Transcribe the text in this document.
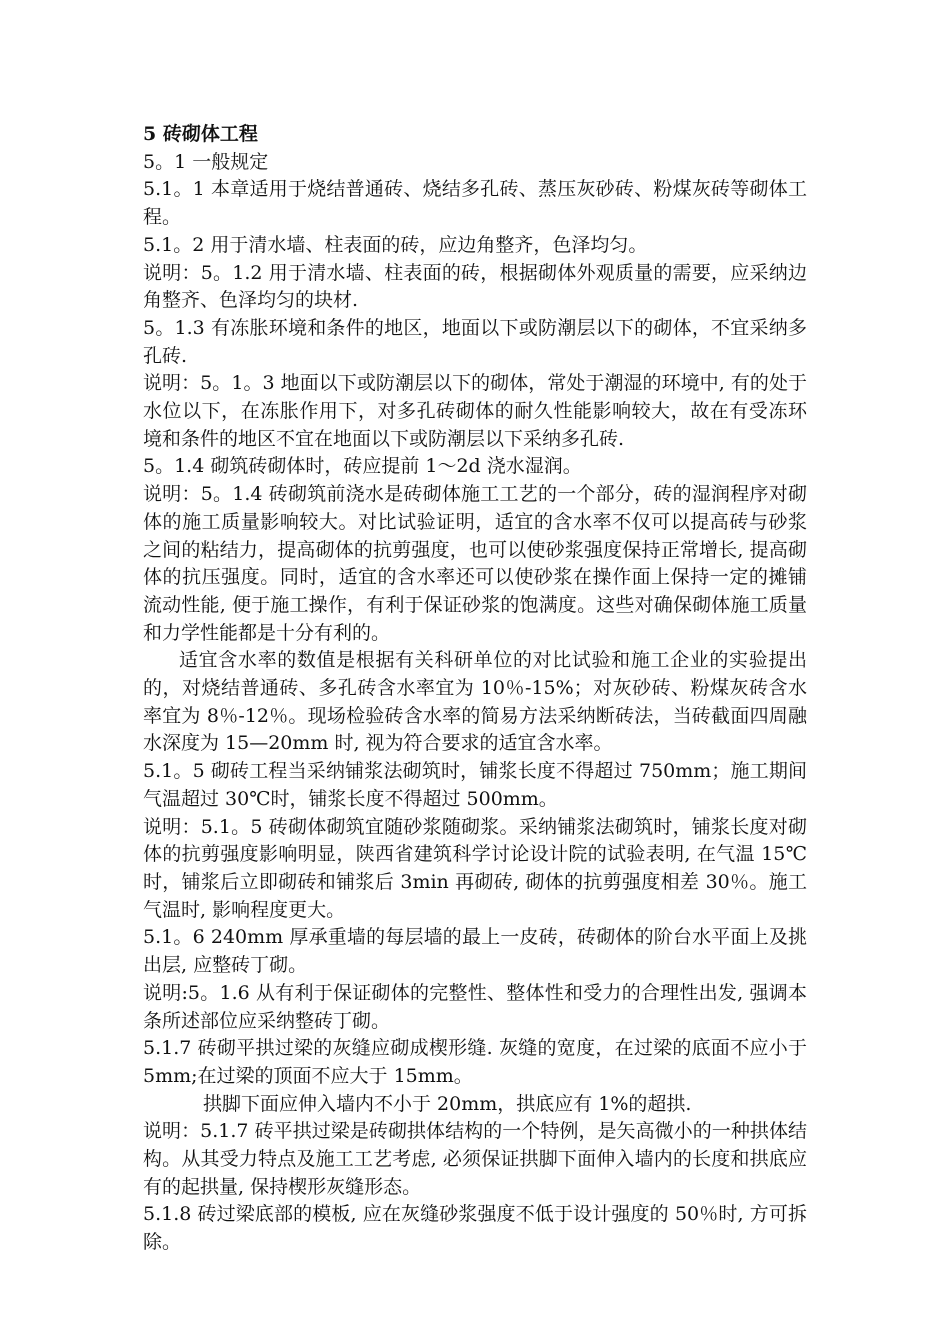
5 砖砌体工程

5。1 一般规定

5.1。1 本章适用于烧结普通砖、烧结多孔砖、蒸压灰砂砖、粉煤灰砖等砌体工程。

5.1。2 用于清水墙、柱表面的砖，应边角整齐，色泽均匀。

说明：5。1.2 用于清水墙、柱表面的砖，根据砌体外观质量的需要，应采纳边角整齐、色泽均匀的块材.

5。1.3 有冻胀环境和条件的地区，地面以下或防潮层以下的砌体，不宜采纳多孔砖.

说明：5。1。3 地面以下或防潮层以下的砌体，常处于潮湿的环境中, 有的处于水位以下，在冻胀作用下，对多孔砖砌体的耐久性能影响较大，故在有受冻环境和条件的地区不宜在地面以下或防潮层以下采纳多孔砖.

5。1.4 砌筑砖砌体时，砖应提前 1～2d 浇水湿润。

说明：5。1.4 砖砌筑前浇水是砖砌体施工工艺的一个部分，砖的湿润程序对砌体的施工质量影响较大。对比试验证明，适宜的含水率不仅可以提高砖与砂浆之间的粘结力，提高砌体的抗剪强度，也可以使砂浆强度保持正常增长, 提高砌体的抗压强度。同时，适宜的含水率还可以使砂浆在操作面上保持一定的摊铺流动性能, 便于施工操作，有利于保证砂浆的饱满度。这些对确保砌体施工质量和力学性能都是十分有利的。

适宜含水率的数值是根据有关科研单位的对比试验和施工企业的实验提出的，对烧结普通砖、多孔砖含水率宜为 10％-15%；对灰砂砖、粉煤灰砖含水率宜为 8％-12％。现场检验砖含水率的简易方法采纳断砖法，当砖截面四周融水深度为 15—20mm 时, 视为符合要求的适宜含水率。

5.1。5 砌砖工程当采纳铺浆法砌筑时，铺浆长度不得超过 750mm；施工期间气温超过 30℃时，铺浆长度不得超过 500mm。

说明：5.1。5 砖砌体砌筑宜随砂浆随砌浆。采纳铺浆法砌筑时，铺浆长度对砌体的抗剪强度影响明显，陕西省建筑科学讨论设计院的试验表明, 在气温 15℃时，铺浆后立即砌砖和铺浆后 3min 再砌砖, 砌体的抗剪强度相差 30％。施工气温时, 影响程度更大。

5.1。6 240mm 厚承重墙的每层墙的最上一皮砖，砖砌体的阶台水平面上及挑出层, 应整砖丁砌。

说明:5。1.6 从有利于保证砌体的完整性、整体性和受力的合理性出发, 强调本条所述部位应采纳整砖丁砌。

5.1.7 砖砌平拱过梁的灰缝应砌成楔形缝. 灰缝的宽度，在过梁的底面不应小于 5mm;在过梁的顶面不应大于 15mm。

拱脚下面应伸入墙内不小于 20mm，拱底应有 1%的超拱.

说明：5.1.7 砖平拱过梁是砖砌拱体结构的一个特例，是矢高微小的一种拱体结构。从其受力特点及施工工艺考虑, 必须保证拱脚下面伸入墙内的长度和拱底应有的起拱量, 保持楔形灰缝形态。

5.1.8 砖过梁底部的模板, 应在灰缝砂浆强度不低于设计强度的 50％时, 方可拆除。
